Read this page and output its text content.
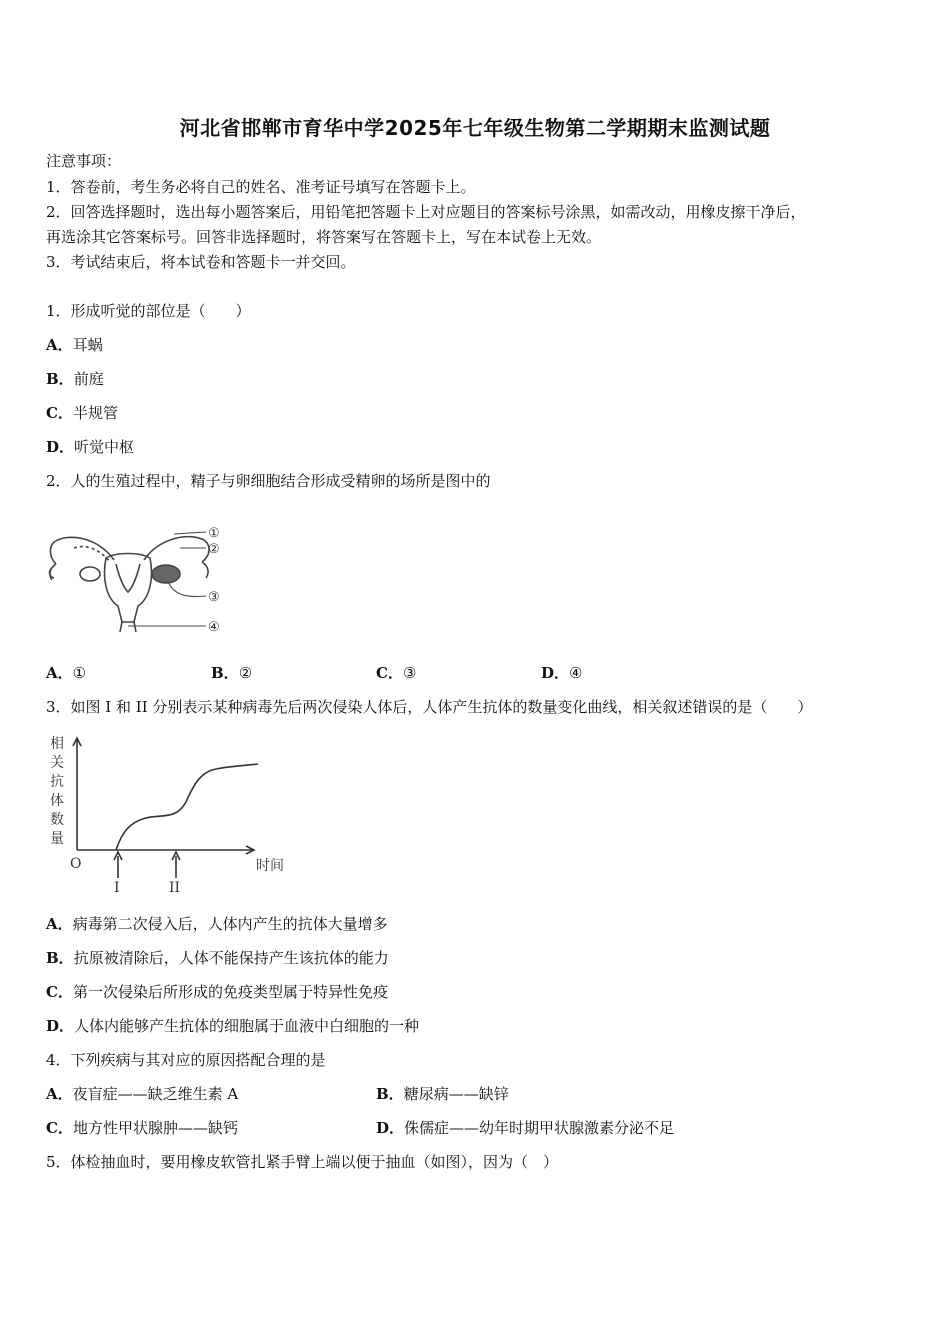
河北省邯郸市育华中学2025年七年级生物第二学期期末监测试题
注意事项：
1．答卷前，考生务必将自己的姓名、准考证号填写在答题卡上。
2．回答选择题时，选出每小题答案后，用铅笔把答题卡上对应题目的答案标号涂黑，如需改动，用橡皮擦干净后，
再选涂其它答案标号。回答非选择题时，将答案写在答题卡上，写在本试卷上无效。
3．考试结束后，将本试卷和答题卡一并交回。
1．形成听觉的部位是（　　）
A．耳蜗
B．前庭
C．半规管
D．听觉中枢
2．人的生殖过程中，精子与卵细胞结合形成受精卵的场所是图中的
①
②
③
④
A．①	B．②	C．③	D．④
3．如图 I 和 II 分别表示某种病毒先后两次侵染人体后，人体产生抗体的数量变化曲线，相关叙述错误的是（　　）
相
关
抗
体
数
量
O	时间
I	II
A．病毒第二次侵入后，人体内产生的抗体大量增多
B．抗原被清除后，人体不能保持产生该抗体的能力
C．第一次侵染后所形成的免疫类型属于特异性免疫
D．人体内能够产生抗体的细胞属于血液中白细胞的一种
4．下列疾病与其对应的原因搭配合理的是
A．夜盲症——缺乏维生素 A	B．糖尿病——缺锌
C．地方性甲状腺肿——缺钙	D．侏儒症——幼年时期甲状腺激素分泌不足
5．体检抽血时，要用橡皮软管扎紧手臂上端以便于抽血（如图），因为（　）
